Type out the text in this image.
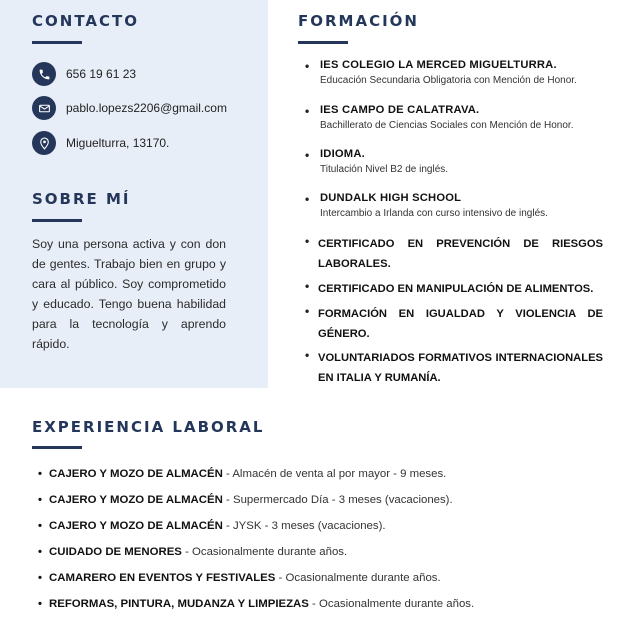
CONTACTO
656 19 61 23
pablo.lopezs2206@gmail.com
Miguelturra, 13170.
SOBRE MÍ
Soy una persona activa y con don de gentes. Trabajo bien en grupo y cara al público. Soy comprometido y educado. Tengo buena habilidad para la tecnología y aprendo rápido.
FORMACIÓN
• IES COLEGIO LA MERCED MIGUELTURRA.
Educación Secundaria Obligatoria con Mención de Honor.
• IES CAMPO DE CALATRAVA.
Bachillerato de Ciencias Sociales con Mención de Honor.
• IDIOMA.
Titulación Nivel B2 de inglés.
• DUNDALK HIGH SCHOOL
Intercambio a Irlanda con curso intensivo de inglés.
• CERTIFICADO EN PREVENCIÓN DE RIESGOS LABORALES.
• CERTIFICADO EN MANIPULACIÓN DE ALIMENTOS.
• FORMACIÓN EN IGUALDAD Y VIOLENCIA DE GÉNERO.
• VOLUNTARIADOS FORMATIVOS INTERNACIONALES EN ITALIA Y RUMANÍA.
EXPERIENCIA LABORAL
• CAJERO Y MOZO DE ALMACÉN - Almacén de venta al por mayor - 9 meses.
• CAJERO Y MOZO DE ALMACÉN - Supermercado Día - 3 meses (vacaciones).
• CAJERO Y MOZO DE ALMACÉN - JYSK - 3 meses (vacaciones).
• CUIDADO DE MENORES - Ocasionalmente durante años.
• CAMARERO EN EVENTOS Y FESTIVALES - Ocasionalmente durante años.
• REFORMAS, PINTURA, MUDANZA Y LIMPIEZAS - Ocasionalmente durante años.
